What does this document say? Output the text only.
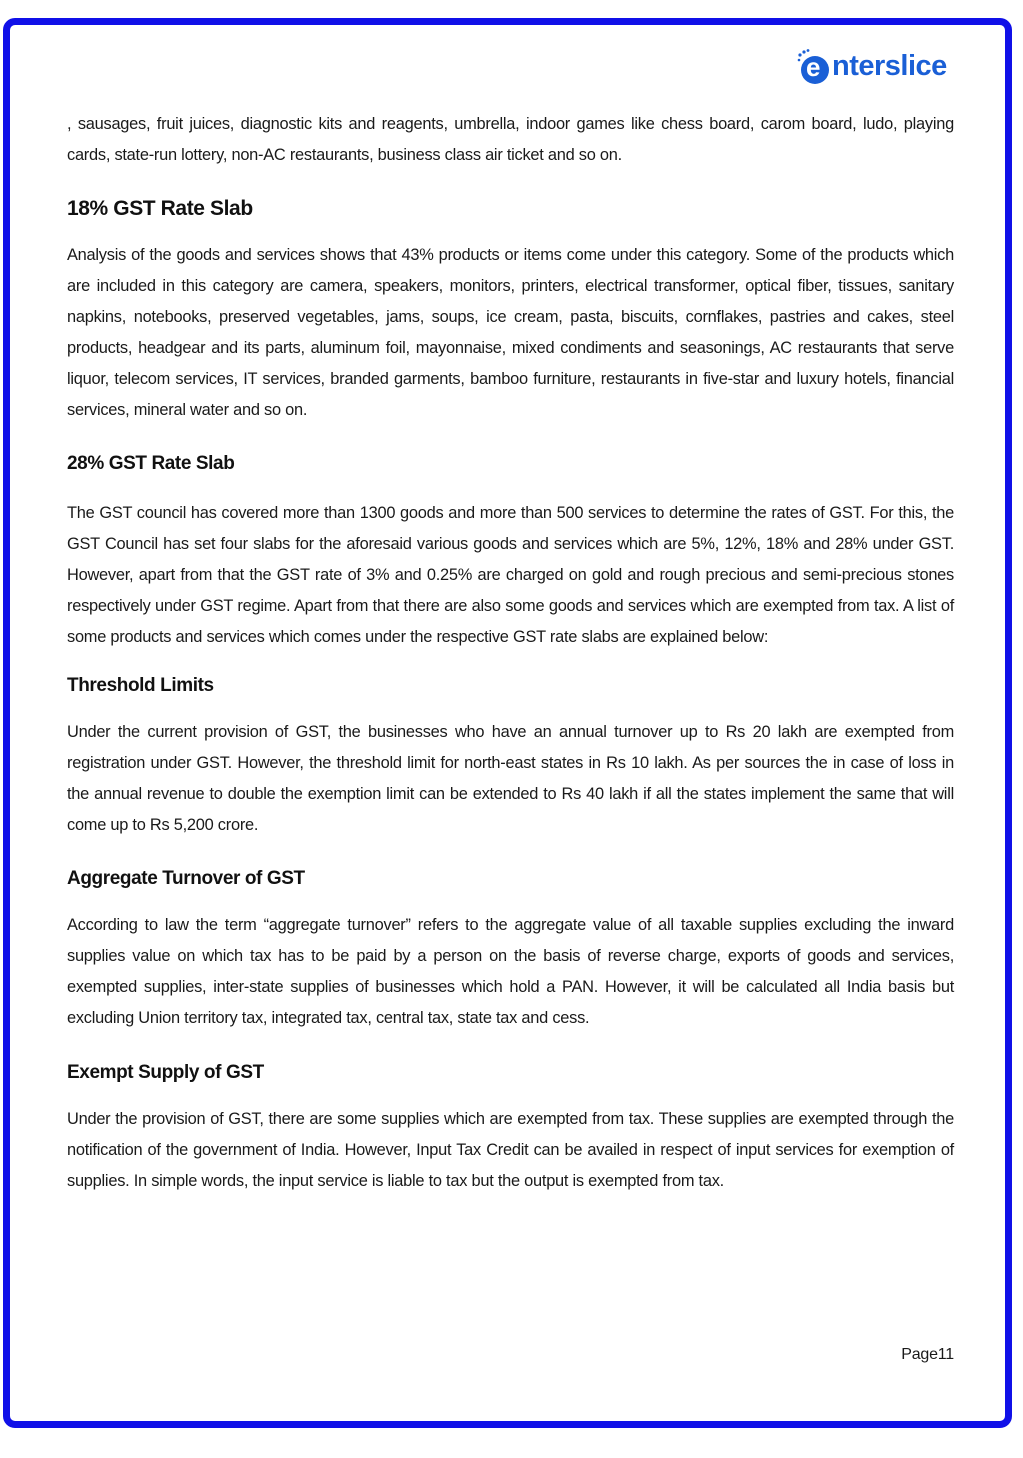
e nterslice

, sausages, fruit juices, diagnostic kits and reagents, umbrella, indoor games like chess board, carom board, ludo, playing cards, state-run lottery, non-AC restaurants, business class air ticket and so on.

18% GST Rate Slab

Analysis of the goods and services shows that 43% products or items come under this category. Some of the products which are included in this category are camera, speakers, monitors, printers, electrical transformer, optical fiber, tissues, sanitary napkins, notebooks, preserved vegetables, jams, soups, ice cream, pasta, biscuits, cornflakes, pastries and cakes, steel products, headgear and its parts, aluminum foil, mayonnaise, mixed condiments and seasonings, AC restaurants that serve liquor, telecom services, IT services, branded garments, bamboo furniture, restaurants in five-star and luxury hotels, financial services, mineral water and so on.

28% GST Rate Slab

The GST council has covered more than 1300 goods and more than 500 services to determine the rates of GST. For this, the GST Council has set four slabs for the aforesaid various goods and services which are 5%, 12%, 18% and 28% under GST. However, apart from that the GST rate of 3% and 0.25% are charged on gold and rough precious and semi-precious stones respectively under GST regime. Apart from that there are also some goods and services which are exempted from tax. A list of some products and services which comes under the respective GST rate slabs are explained below:

Threshold Limits

Under the current provision of GST, the businesses who have an annual turnover up to Rs 20 lakh are exempted from registration under GST. However, the threshold limit for north-east states in Rs 10 lakh. As per sources the in case of loss in the annual revenue to double the exemption limit can be extended to Rs 40 lakh if all the states implement the same that will come up to Rs 5,200 crore.

Aggregate Turnover of GST

According to law the term “aggregate turnover” refers to the aggregate value of all taxable supplies excluding the inward supplies value on which tax has to be paid by a person on the basis of reverse charge, exports of goods and services, exempted supplies, inter-state supplies of businesses which hold a PAN. However, it will be calculated all India basis but excluding Union territory tax, integrated tax, central tax, state tax and cess.

Exempt Supply of GST

Under the provision of GST, there are some supplies which are exempted from tax. These supplies are exempted through the notification of the government of India. However, Input Tax Credit can be availed in respect of input services for exemption of supplies. In simple words, the input service is liable to tax but the output is exempted from tax.

Page11
